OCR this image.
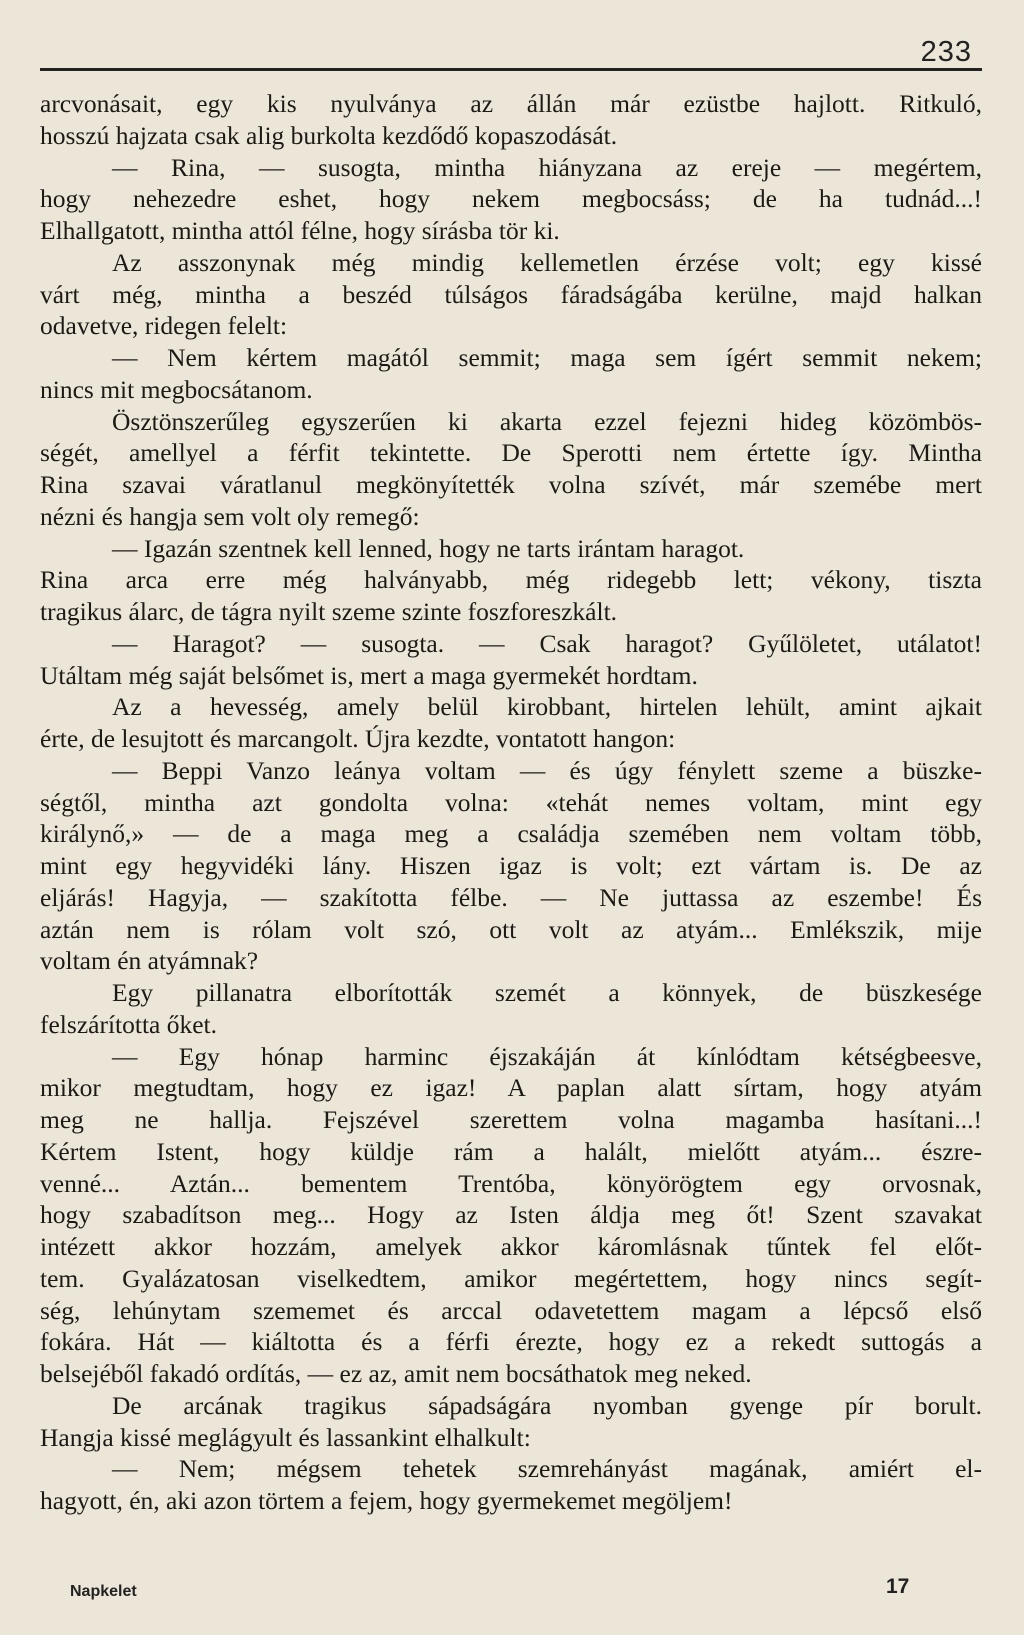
233
arcvonásait, egy kis nyulványa az állán már ezüstbe hajlott. Ritkuló,
hosszú hajzata csak alig burkolta kezdődő kopaszodását.
— Rina, — susogta, mintha hiányzana az ereje — megértem,
hogy nehezedre eshet, hogy nekem megbocsáss; de ha tudnád...!
Elhallgatott, mintha attól félne, hogy sírásba tör ki.
Az asszonynak még mindig kellemetlen érzése volt; egy kissé
várt még, mintha a beszéd túlságos fáradságába kerülne, majd halkan
odavetve, ridegen felelt:
— Nem kértem magától semmit; maga sem ígért semmit nekem;
nincs mit megbocsátanom.
Ösztönszerűleg egyszerűen ki akarta ezzel fejezni hideg közömbös-
ségét, amellyel a férfit tekintette. De Sperotti nem értette így. Mintha
Rina szavai váratlanul megkönyítették volna szívét, már szemébe mert
nézni és hangja sem volt oly remegő:
— Igazán szentnek kell lenned, hogy ne tarts irántam haragot.
Rina arca erre még halványabb, még ridegebb lett; vékony, tiszta
tragikus álarc, de tágra nyilt szeme szinte foszforeszkált.
— Haragot? — susogta. — Csak haragot? Gyűlöletet, utálatot!
Utáltam még saját belsőmet is, mert a maga gyermekét hordtam.
Az a hevesség, amely belül kirobbant, hirtelen lehült, amint ajkait
érte, de lesujtott és marcangolt. Újra kezdte, vontatott hangon:
— Beppi Vanzo leánya voltam — és úgy fénylett szeme a büszke-
ségtől, mintha azt gondolta volna: «tehát nemes voltam, mint egy
királynő,» — de a maga meg a családja szemében nem voltam több,
mint egy hegyvidéki lány. Hiszen igaz is volt; ezt vártam is. De az
eljárás! Hagyja, — szakította félbe. — Ne juttassa az eszembe! És
aztán nem is rólam volt szó, ott volt az atyám... Emlékszik, mije
voltam én atyámnak?
Egy pillanatra elborították szemét a könnyek, de büszkesége
felszárította őket.
— Egy hónap harminc éjszakáján át kínlódtam kétségbeesve,
mikor megtudtam, hogy ez igaz! A paplan alatt sírtam, hogy atyám
meg ne hallja. Fejszével szerettem volna magamba hasítani...!
Kértem Istent, hogy küldje rám a halált, mielőtt atyám... észre-
venné... Aztán... bementem Trentóba, könyörögtem egy orvosnak,
hogy szabadítson meg... Hogy az Isten áldja meg őt! Szent szavakat
intézett akkor hozzám, amelyek akkor káromlásnak tűntek fel előt-
tem. Gyalázatosan viselkedtem, amikor megértettem, hogy nincs segít-
ség, lehúnytam szememet és arccal odavetettem magam a lépcső első
fokára. Hát — kiáltotta és a férfi érezte, hogy ez a rekedt suttogás a
belsejéből fakadó ordítás, — ez az, amit nem bocsáthatok meg neked.
De arcának tragikus sápadságára nyomban gyenge pír borult.
Hangja kissé meglágyult és lassankint elhalkult:
— Nem; mégsem tehetek szemrehányást magának, amiért el-
hagyott, én, aki azon törtem a fejem, hogy gyermekemet megöljem!
Napkelet	17
